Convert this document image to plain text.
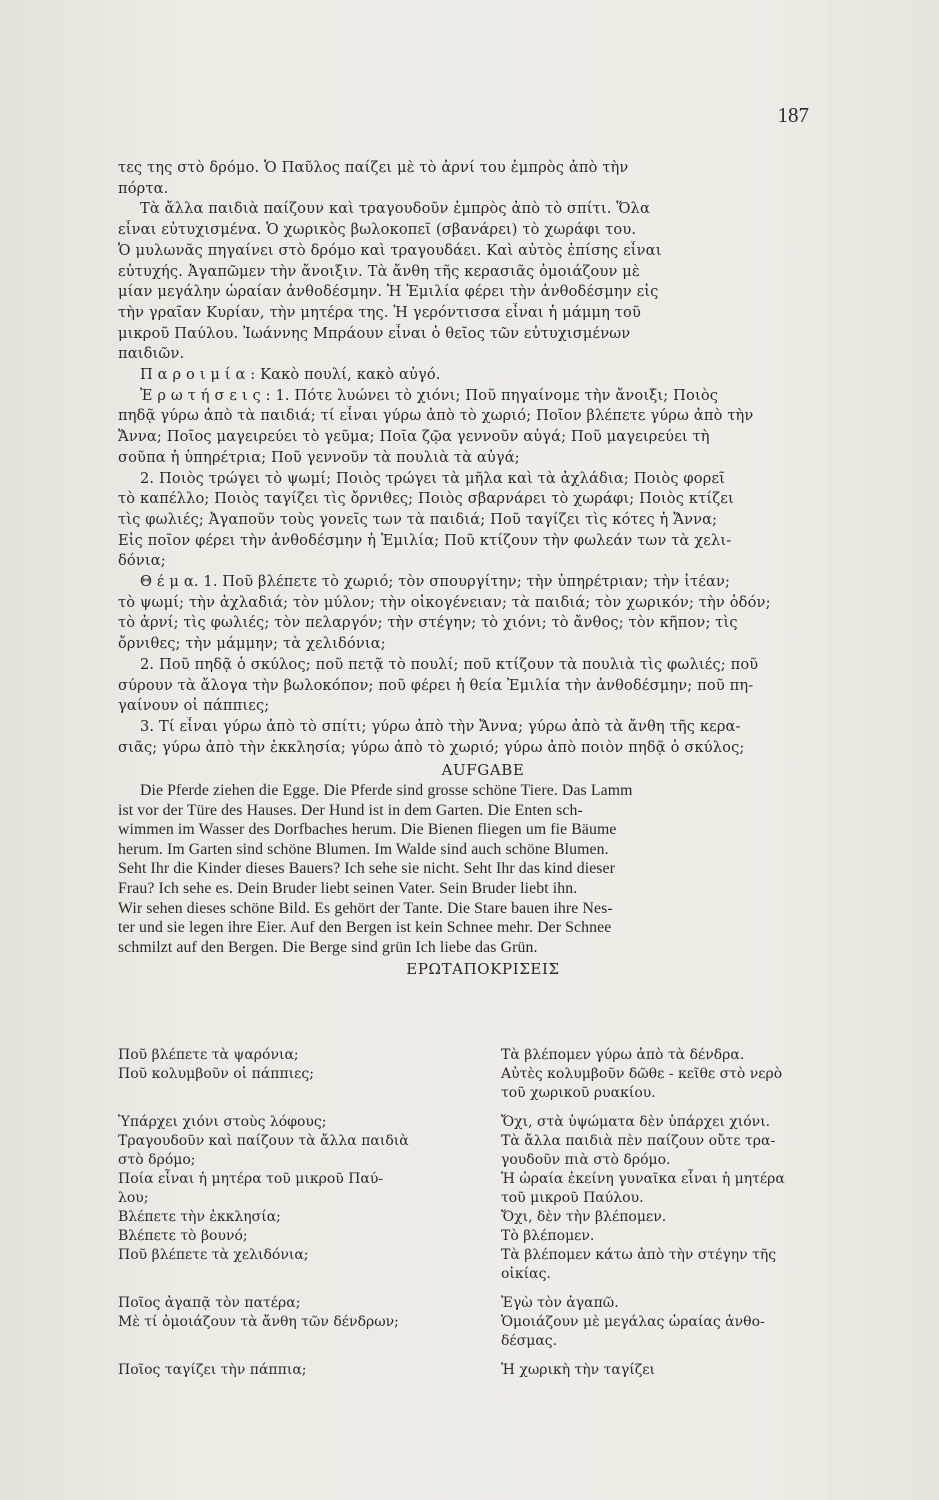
187
τες της στὸ δρόμο. Ὁ Παῦλος παίζει μὲ τὸ ἀρνί του ἐμπρὸς ἀπὸ τὴν
πόρτα.
Τὰ ἄλλα παιδιὰ παίζουν καὶ τραγουδοῦν ἐμπρὸς ἀπὸ τὸ σπίτι. Ὅλα
εἶναι εὐτυχισμένα. Ὁ χωρικὸς βωλοκοπεῖ (σβανάρει) τὸ χωράφι του.
Ὁ μυλωνᾶς πηγαίνει στὸ δρόμο καὶ τραγουδάει. Καὶ αὐτὸς ἐπίσης εἶναι
εὐτυχής. Ἀγαπῶμεν τὴν ἄνοιξιν. Τὰ ἄνθη τῆς κερασιᾶς ὁμοιάζουν μὲ
μίαν μεγάλην ὡραίαν ἀνθοδέσμην. Ἡ Ἐμιλία φέρει τὴν ἀνθοδέσμην εἰς
τὴν γραῖαν Κυρίαν, τὴν μητέρα της. Ἡ γερόντισσα εἶναι ἡ μάμμη τοῦ
μικροῦ Παύλου. Ἰωάννης Μπράουν εἶναι ὁ θεῖος τῶν εὐτυχισμένων
παιδιῶν.
Π α ρ ο ι μ ί α : Κακὸ πουλί, κακὸ αὐγό.
Ἐ ρ ω τ ή σ ε ι ς : 1. Πότε λυώνει τὸ χιόνι; Ποῦ πηγαίνομε τὴν ἄνοιξι; Ποιὸς
πηδᾷ γύρω ἀπὸ τὰ παιδιά; τί εἶναι γύρω ἀπὸ τὸ χωριό; Ποῖον βλέπετε γύρω ἀπὸ τὴν
Ἄννα; Ποῖος μαγειρεύει τὸ γεῦμα; Ποῖα ζῷα γεννοῦν αὐγά; Ποῦ μαγειρεύει τὴ
σοῦπα ἡ ὑπηρέτρια; Ποῦ γεννοῦν τὰ πουλιὰ τὰ αὐγά;
2. Ποιὸς τρώγει τὸ ψωμί; Ποιὸς τρώγει τὰ μῆλα καὶ τὰ ἀχλάδια; Ποιὸς φορεῖ
τὸ καπέλλο; Ποιὸς ταγίζει τὶς ὄρνιθες; Ποιὸς σβαρνάρει τὸ χωράφι; Ποιὸς κτίζει
τὶς φωλιές; Ἀγαποῦν τοὺς γονεῖς των τὰ παιδιά; Ποῦ ταγίζει τὶς κότες ἡ Ἄννα;
Εἰς ποῖον φέρει τὴν ἀνθοδέσμην ἡ Ἐμιλία; Ποῦ κτίζουν τὴν φωλεάν των τὰ χελι-
δόνια;
Θ έ μ α. 1. Ποῦ βλέπετε τὸ χωριό; τὸν σπουργίτην; τὴν ὑπηρέτριαν; τὴν ἰτέαν;
τὸ ψωμί; τὴν ἀχλαδιά; τὸν μύλον; τὴν οἰκογένειαν; τὰ παιδιά; τὸν χωρικόν; τὴν ὁδόν;
τὸ ἀρνί; τὶς φωλιές; τὸν πελαργόν; τὴν στέγην; τὸ χιόνι; τὸ ἄνθος; τὸν κῆπον; τὶς
ὄρνιθες; τὴν μάμμην; τὰ χελιδόνια;
2. Ποῦ πηδᾷ ὁ σκύλος; ποῦ πετᾷ τὸ πουλί; ποῦ κτίζουν τὰ πουλιὰ τὶς φωλιές; ποῦ
σύρουν τὰ ἄλογα τὴν βωλοκόπον; ποῦ φέρει ἡ θεία Ἐμιλία τὴν ἀνθοδέσμην; ποῦ πη-
γαίνουν οἱ πάππιες;
3. Τί εἶναι γύρω ἀπὸ τὸ σπίτι; γύρω ἀπὸ τὴν Ἄννα; γύρω ἀπὸ τὰ ἄνθη τῆς κερα-
σιᾶς; γύρω ἀπὸ τὴν ἐκκλησία; γύρω ἀπὸ τὸ χωριό; γύρω ἀπὸ ποιὸν πηδᾷ ὁ σκύλος;
AUFGABE
Die Pferde ziehen die Egge. Die Pferde sind grosse schöne Tiere. Das Lamm
ist vor der Türe des Hauses. Der Hund ist in dem Garten. Die Enten sch-
wimmen im Wasser des Dorfbaches herum. Die Bienen fliegen um fie Bäume
herum. Im Garten sind schöne Blumen. Im Walde sind auch schöne Blumen.
Seht Ihr die Kinder dieses Bauers? Ich sehe sie nicht. Seht Ihr das kind dieser
Frau? Ich sehe es. Dein Bruder liebt seinen Vater. Sein Bruder liebt ihn.
Wir sehen dieses schöne Bild. Es gehört der Tante. Die Stare bauen ihre Nes-
ter und sie legen ihre Eier. Auf den Bergen ist kein Schnee mehr. Der Schnee
schmilzt auf den Bergen. Die Berge sind grün Ich liebe das Grün.
ΕΡΩΤΑΠΟΚΡΙΣΕΙΣ
Ποῦ βλέπετε τὰ ψαρόνια;	Τὰ βλέπομεν γύρω ἀπὸ τὰ δένδρα.
Ποῦ κολυμβοῦν οἱ πάππιες;	Αὐτὲς κολυμβοῦν δῶθε - κεῖθε στὸ νερὸ
τοῦ χωρικοῦ ρυακίου.
Ὑπάρχει χιόνι στοὺς λόφους;	Ὄχι, στὰ ὑψώματα δὲν ὑπάρχει χιόνι.
Τραγουδοῦν καὶ παίζουν τὰ ἄλλα παιδιὰ	Τὰ ἄλλα παιδιὰ πὲν παίζουν οὔτε τρα-
στὸ δρόμο;	γουδοῦν πιὰ στὸ δρόμο.
Ποία εἶναι ἡ μητέρα τοῦ μικροῦ Παύ-	Ἡ ὡραία ἐκείνη γυναῖκα εἶναι ἡ μητέρα
λου;	τοῦ μικροῦ Παύλου.
Βλέπετε τὴν ἐκκλησία;	Ὄχι, δὲν τὴν βλέπομεν.
Βλέπετε τὸ βουνό;	Τὸ βλέπομεν.
Ποῦ βλέπετε τὰ χελιδόνια;	Τὰ βλέπομεν κάτω ἀπὸ τὴν στέγην τῆς
οἰκίας.
Ποῖος ἀγαπᾷ τὸν πατέρα;	Ἐγὼ τὸν ἀγαπῶ.
Μὲ τί ὁμοιάζουν τὰ ἄνθη τῶν δένδρων;	Ὁμοιάζουν μὲ μεγάλας ὡραίας ἀνθο-
δέσμας.
Ποῖος ταγίζει τὴν πάππια;	Ἡ χωρικὴ τὴν ταγίζει
